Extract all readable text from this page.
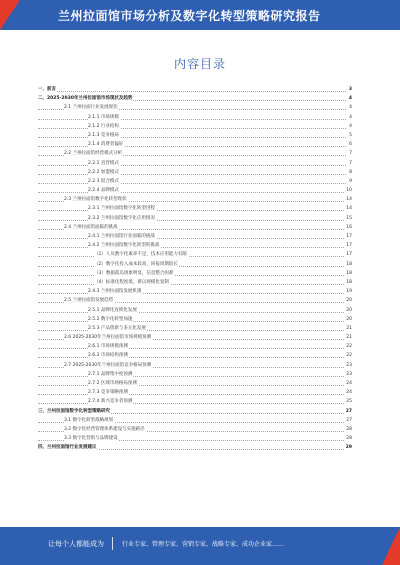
兰州拉面馆市场分析及数字化转型策略研究报告
内容目录
一、前言	3
二、2025-2030年兰州拉面馆市场现状及趋势	4
2.1 兰州拉面行业发展现状	4
2.1.1 市场规模	4
2.1.2 行业结构	4
2.1.3 竞争格局	5
2.1.4 消费者偏好	6
2.2 兰州拉面馆经营模式分析	7
2.2.1 直营模式	7
2.2.2 加盟模式	8
2.2.3 混合模式	9
2.2.4 品牌模式	10
2.3 兰州拉面馆数字化转型现状	14
2.3.1 兰州拉面馆数字化转型进程	14
2.3.2 兰州拉面馆数字化应用情况	15
2.4 兰州拉面馆面临的挑战	16
2.4.1 兰州拉面馆行业面临的挑战	17
2.4.2 兰州拉面馆数字化转型的挑战	17
（1）人员数字化素养不足，技术应用能力有限	17
（2）数字化投入成本较高，回报周期较长	18
（3）数据孤岛现象明显，信息整合困难	18
（4）标准化程度低，难以规模化复制	18
2.4.3 兰州拉面馆发展机遇	19
2.5 兰州拉面馆发展趋势	20
2.5.1 品牌化连锁化发展	20
2.5.2 数字化转型加速	20
2.5.3 产品创新与多元化发展	21
2.6 2025-2030年兰州拉面馆市场规模预测	21
2.6.1 市场规模预测	22
2.6.2 市场结构预测	22
2.7 2025-2030年兰州拉面馆竞争格局预测	23
2.7.1 品牌集中度预测	23
2.7.2 区域市场格局预测	24
2.7.3 竞争策略预测	24
2.7.4 新兴竞争者预测	25
三、兰州拉面馆数字化转型策略研究	27
3.1 数字化转型战略规划	27
3.2 数字化经营管理体系建设与实施路径	28
3.3 数字化营销与品牌建设	28
四、兰州拉面馆行业发展建议	29
让每个人都能成为	行业专家、管理专家、营销专家、战略专家、成功企业家……
